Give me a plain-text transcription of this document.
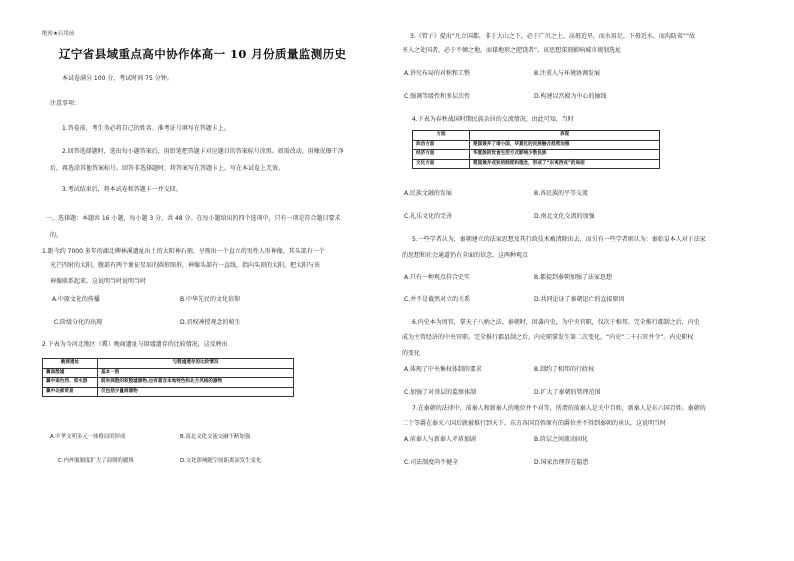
绝密★启用前
辽宁省县域重点高中协作体高一 10 月份质量监测历史
本试卷满分 100 分，考试时间 75 分钟。
注意事项：
1.答卷前，考生务必将自己的姓名、准考证号填写在答题卡上。
2.回答选择题时，选出每小题答案后，用铅笔把答题卡对应题目的答案标号涂黑。如需改动，用橡皮擦干净
后，再选涂其他答案标号。回答非选择题时，将答案写在答题卡上。写在本试卷上无效。
3.考试结束后，将本试卷和答题卡一并交回。
一、选择题：本题共 16 小题，每小题 3 分，共 48 分。在每小题给出的四个选项中，只有一项是符合题目要求
的。
1.距今约 7000 多年的湖北柳林溪遗址出土的太阳神石刻，呈现出一个直立的男性人形神像，其头部有一个
光芒四射的太阳，腹部有两个象征星辰的圆形图形，神像头部有一直线，指向头顶的太阳，把太阳与该
神像联系起来。这说明当时说明当时
A.中原文化的传播	B.中华先民的文化信仰
C.阶级分化的出现	D.君权神授观念的萌生
2.下表为今河北地区（冀）晚商遗址与殷墟遗存的比较情况，这反映出
晚商遗址	与殷墟遗存的比较情况
冀南殷墟	基本一致
冀中南台西、邢水游	既有商殷的较殷墟器物,也有富含本地特色和北方风格的器物
冀中北部贸易	仅包括少量商器物
A.中华文明多元一体格局的形成	B.南北文化交流交融不断加强
C.内外服制度扩大了商朝的疆域	D.文化影响随空间距离而发生变化
3.《管子》提出“凡立国都，非于大山之下，必于广川之上，高毋近旱，而水用足。下毋近水，而沟防省”“故
圣人之处国者，必于不倾之地，而择地形之肥饶者”。该思想深刻影响城市规划选址
A.讲究布局的对称和工整	B.注重人与环境协调发展
C.强调等级性和多层次性	D.构建以宫殿为中心的轴线
4.下表为春秋战国时期民族杂居的交流情况，由此可知，当时
方面	表现
政治方面	楚国兼并了诸小国，华夏化的民族融合趋势加强
经济方面	华夏族的饮食生活方式影响少数民族
文化方面	楚国兼并戎狄的制度和理念，形成了“东夷西戎”的局面
A.民族文融的发展	B.各民族的平等交流
C.礼乐文化的完善	D.南北文化交流的加强
5.一些学者认为，秦朝建立的法家思想及其行政技术被清除出去，而另有一些学者则认为：秦始皇本人对于法家
的思想和社会通道仍有全面的信念，这两种观点
A.只有一种观点符合史实	B.都提到秦朝加强了法家思想
C.并不是截然对立的关系	D.共同论证了秦朝迅亡的直接原因
6.内史本为周官，掌天子八柄之法。秦朝时，因袭内史，为中央官职，仅次于相邦。完全推行郡制之后，内史
成为主管经济的中央官职。完全推行郡县制之后，内史职掌发生第二次变化。“内史”二千石官并令”。内史职权
的变化
A.体现了中央集权体制的要求	B.制约了相邦的行政权
C.加强了对基层的监察体制	D.扩大了秦朝的管理范围
7.在秦朝的法律中，前秦人和新秦人的地位并不对等，所谓的前秦人是关中百姓，新秦人是东六国百姓。秦朝的
二十等爵在秦灭六国后就被推行到天下，东方各国百姓原有的爵位并不得到秦朝的承认，这说明当时
A.前秦人与新秦人矛盾加剧	B.阶层之间流动固化
C.司法制度尚不健全	D.国家治理存在隐患
